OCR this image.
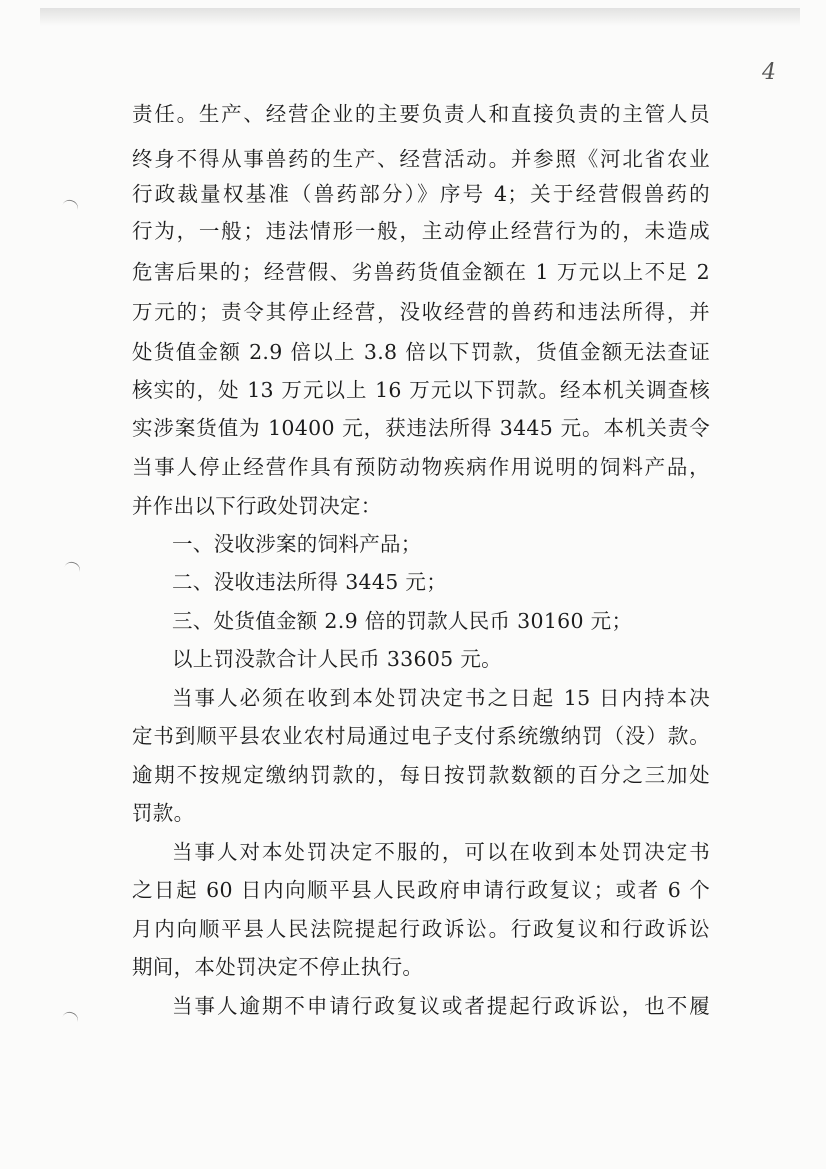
4
责任。生产、经营企业的主要负责人和直接负责的主管人员
终身不得从事兽药的生产、经营活动。并参照《河北省农业
行政裁量权基准（兽药部分）》序号 4；关于经营假兽药的
行为，一般；违法情形一般，主动停止经营行为的，未造成
危害后果的；经营假、劣兽药货值金额在 1 万元以上不足 2
万元的；责令其停止经营，没收经营的兽药和违法所得，并
处货值金额 2.9 倍以上 3.8 倍以下罚款，货值金额无法查证
核实的，处 13 万元以上 16 万元以下罚款。经本机关调查核
实涉案货值为 10400 元，获违法所得 3445 元。本机关责令
当事人停止经营作具有预防动物疾病作用说明的饲料产品，
并作出以下行政处罚决定：
一、没收涉案的饲料产品；
二、没收违法所得 3445 元；
三、处货值金额 2.9 倍的罚款人民币 30160 元；
以上罚没款合计人民币 33605 元。
当事人必须在收到本处罚决定书之日起 15 日内持本决
定书到顺平县农业农村局通过电子支付系统缴纳罚（没）款。
逾期不按规定缴纳罚款的，每日按罚款数额的百分之三加处
罚款。
当事人对本处罚决定不服的，可以在收到本处罚决定书
之日起 60 日内向顺平县人民政府申请行政复议；或者 6 个
月内向顺平县人民法院提起行政诉讼。行政复议和行政诉讼
期间，本处罚决定不停止执行。
当事人逾期不申请行政复议或者提起行政诉讼，也不履
